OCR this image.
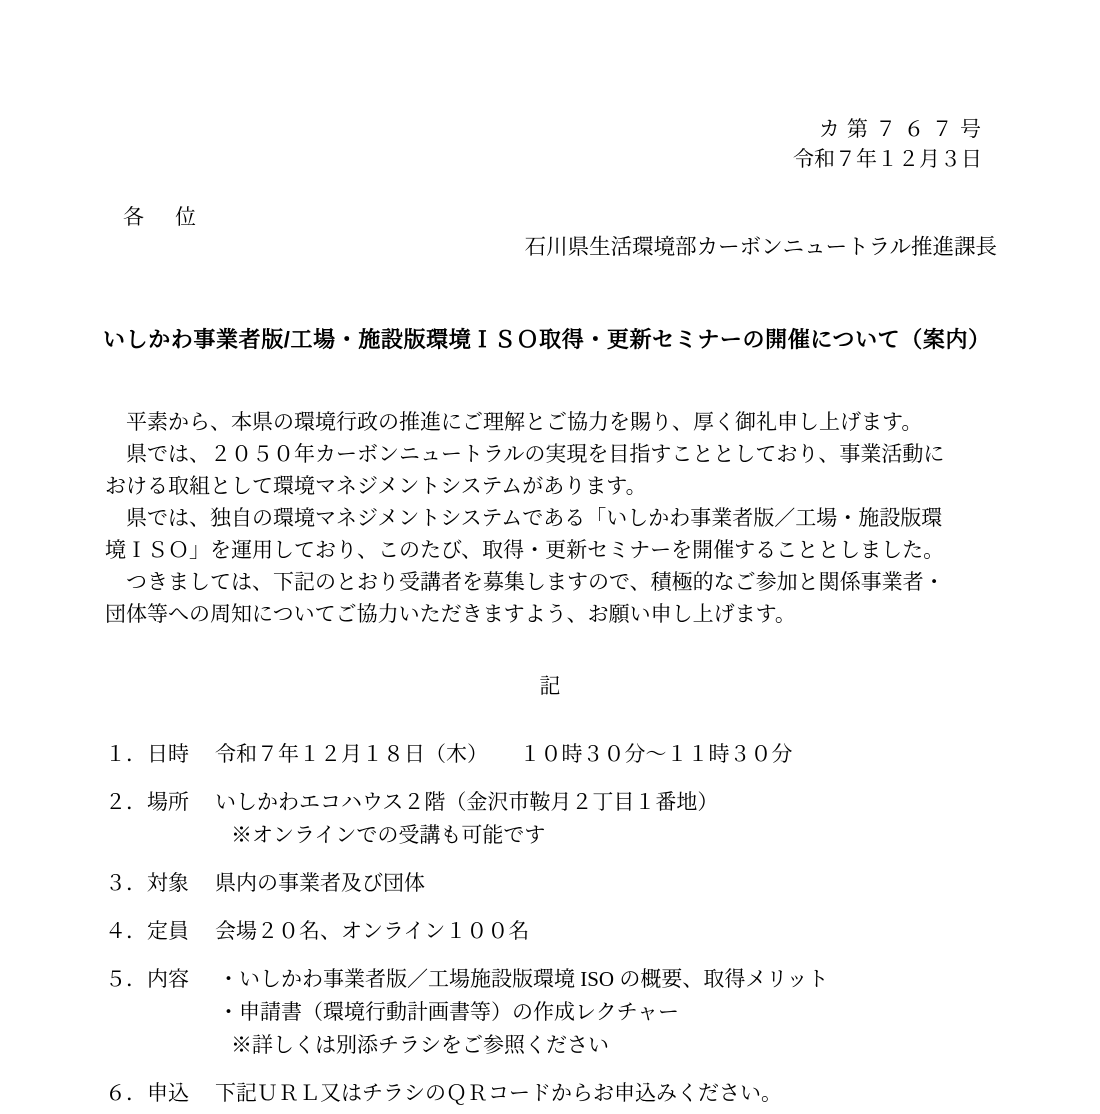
カ 第 ７ ６ ７ 号
令和７年１２月３日
各　位
石川県生活環境部カーボンニュートラル推進課長
いしかわ事業者版/工場・施設版環境ＩＳＯ取得・更新セミナーの開催について（案内）
　平素から、本県の環境行政の推進にご理解とご協力を賜り、厚く御礼申し上げます。
　県では、２０５０年カーボンニュートラルの実現を目指すこととしており、事業活動に
おける取組として環境マネジメントシステムがあります。
　県では、独自の環境マネジメントシステムである「いしかわ事業者版／工場・施設版環
境ＩＳＯ」を運用しており、このたび、取得・更新セミナーを開催することとしました。
　つきましては、下記のとおり受講者を募集しますので、積極的なご参加と関係事業者・
団体等への周知についてご協力いただきますよう、お願い申し上げます。
記
１．日時	令和７年１２月１８日（木）　　１０時３０分～１１時３０分
２．場所	いしかわエコハウス２階（金沢市鞍月２丁目１番地）
※オンラインでの受講も可能です
３．対象	県内の事業者及び団体
４．定員	会場２０名、オンライン１００名
５．内容	・いしかわ事業者版／工場施設版環境 ISO の概要、取得メリット
・申請書（環境行動計画書等）の作成レクチャー
※詳しくは別添チラシをご参照ください
６．申込	下記ＵＲＬ又はチラシのＱＲコードからお申込みください。
